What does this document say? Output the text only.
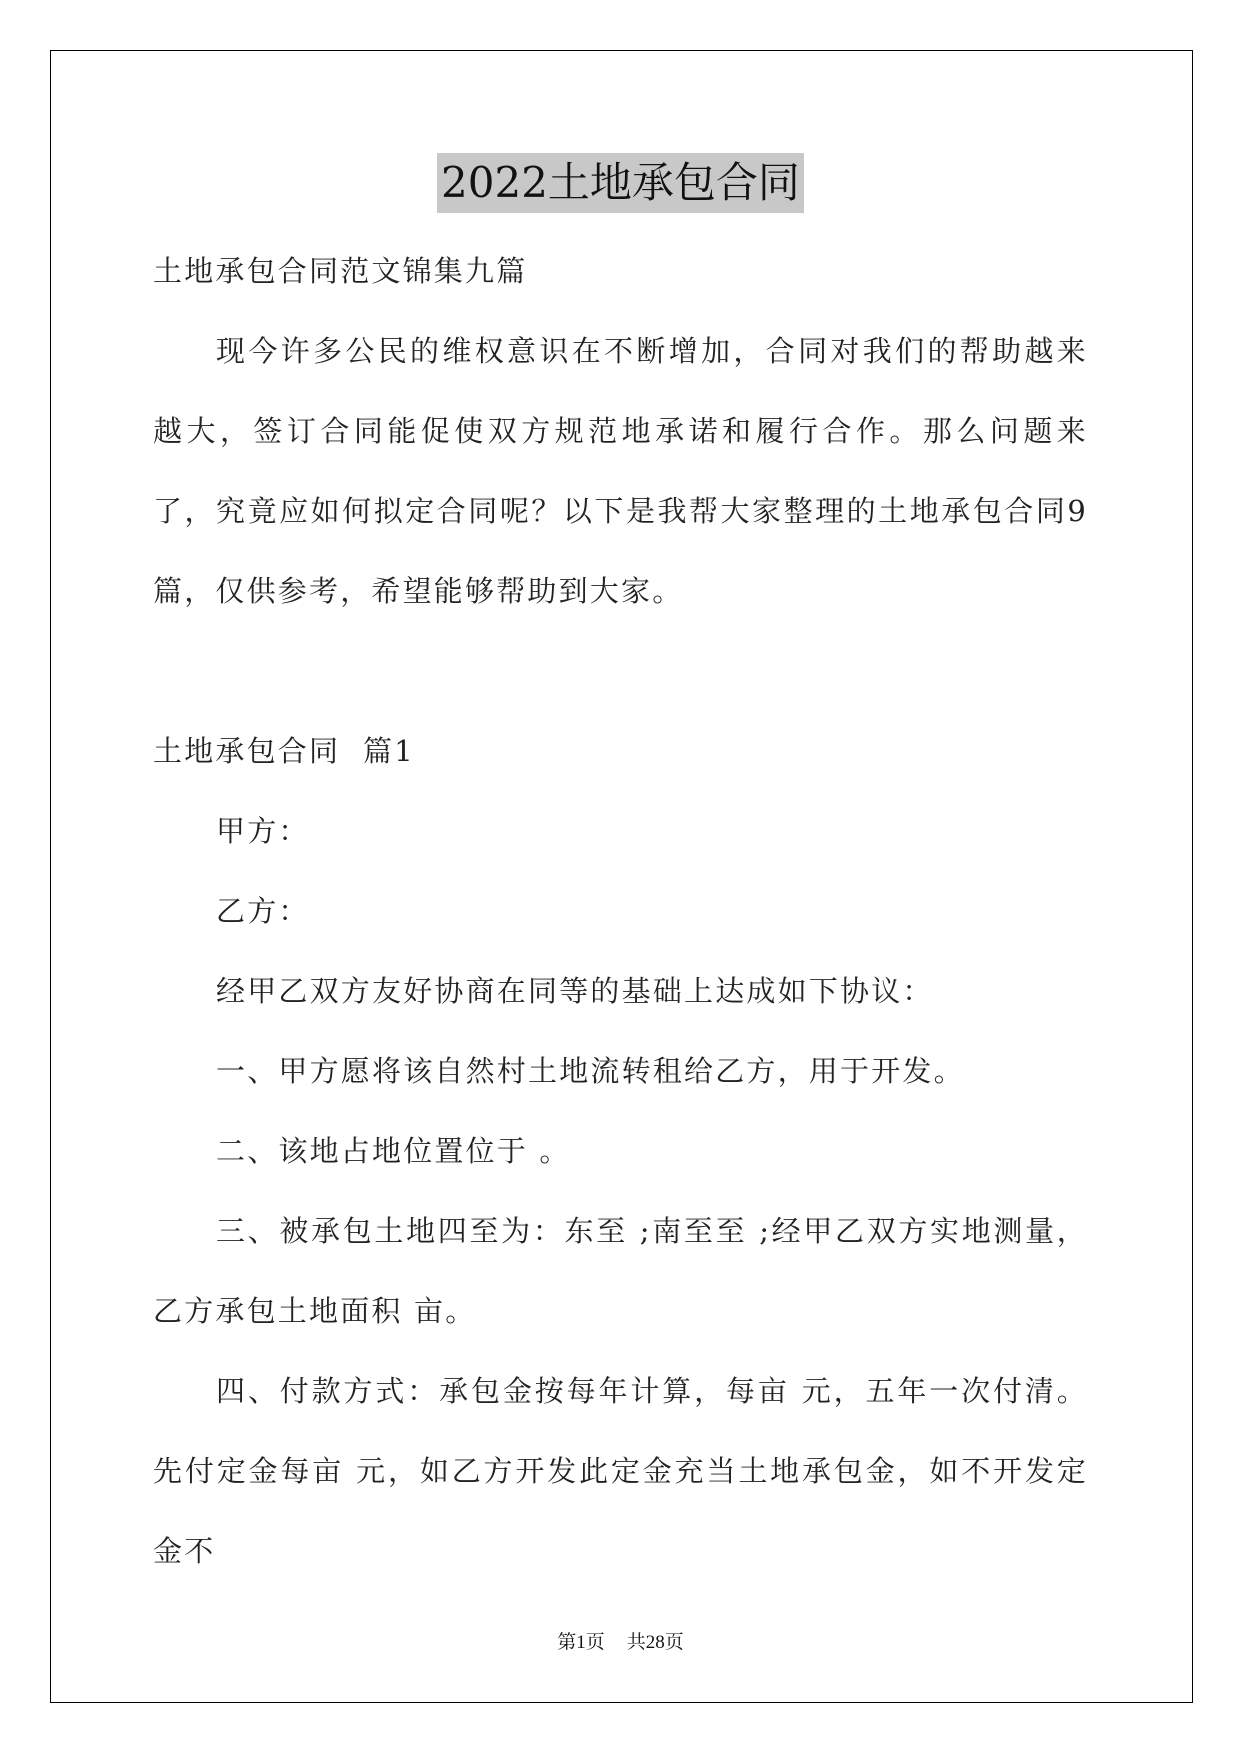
2022土地承包合同

土地承包合同范文锦集九篇

现今许多公民的维权意识在不断增加，合同对我们的帮助越来越大，签订合同能促使双方规范地承诺和履行合作。那么问题来了，究竟应如何拟定合同呢？以下是我帮大家整理的土地承包合同9篇，仅供参考，希望能够帮助到大家。

土地承包合同  篇1

甲方：

乙方：

经甲乙双方友好协商在同等的基础上达成如下协议：

一、甲方愿将该自然村土地流转租给乙方，用于开发。

二、该地占地位置位于 。

三、被承包土地四至为：东至 ;南至至 ;经甲乙双方实地测量，乙方承包土地面积 亩。

四、付款方式：承包金按每年计算，每亩 元，五年一次付清。先付定金每亩 元，如乙方开发此定金充当土地承包金，如不开发定金不

第1页 共28页
